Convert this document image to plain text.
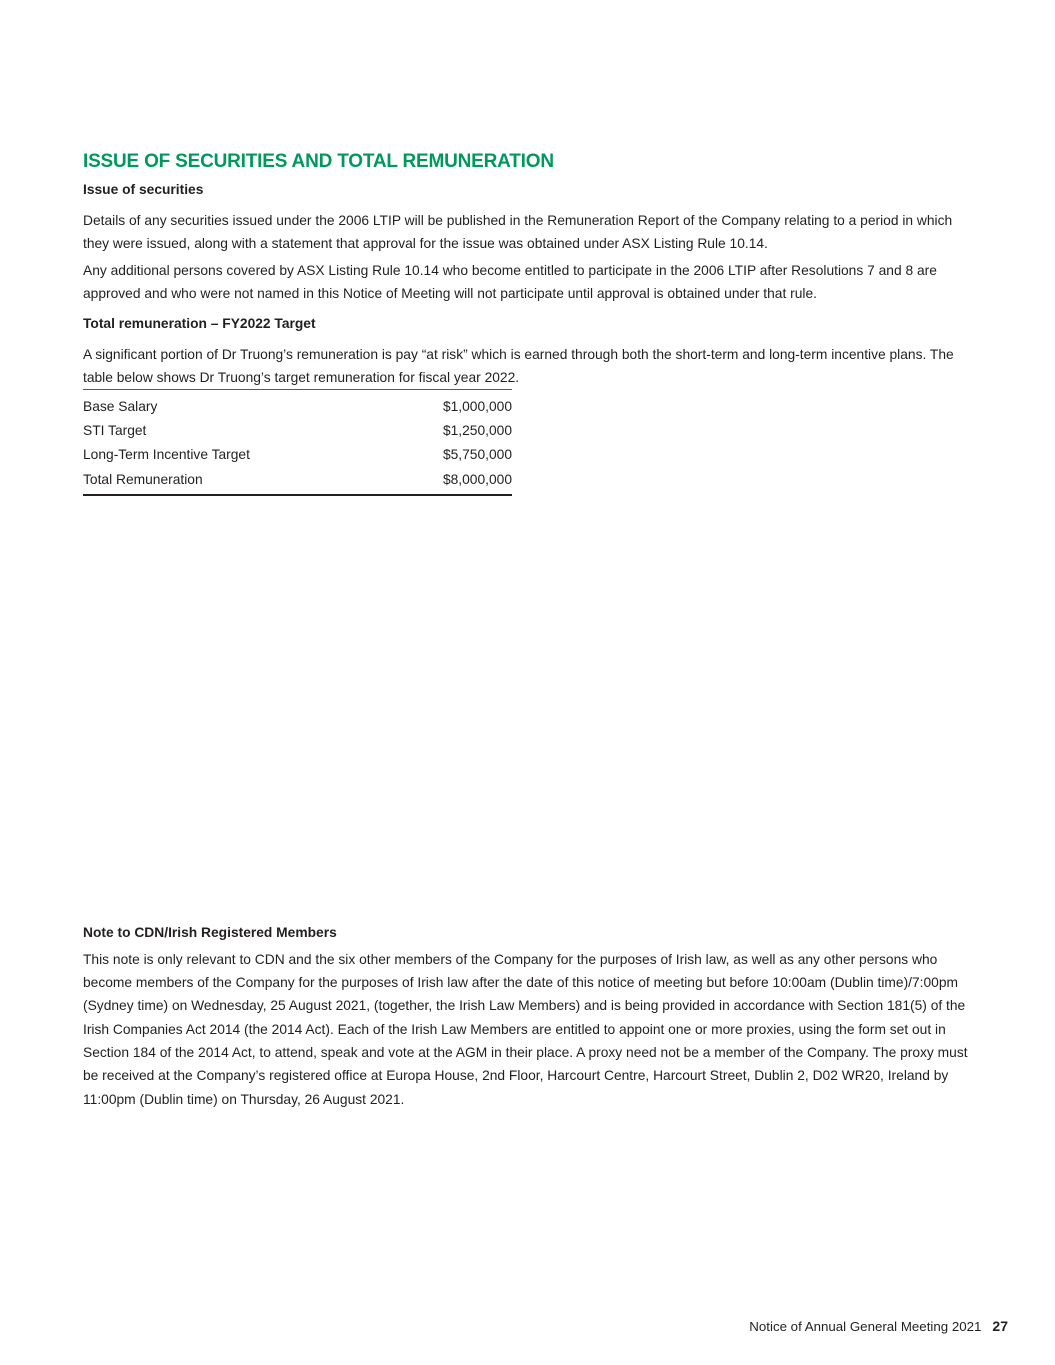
ISSUE OF SECURITIES AND TOTAL REMUNERATION
Issue of securities

Details of any securities issued under the 2006 LTIP will be published in the Remuneration Report of the Company relating to a period in which they were issued, along with a statement that approval for the issue was obtained under ASX Listing Rule 10.14.

Any additional persons covered by ASX Listing Rule 10.14 who become entitled to participate in the 2006 LTIP after Resolutions 7 and 8 are approved and who were not named in this Notice of Meeting will not participate until approval is obtained under that rule.

Total remuneration – FY2022 Target

A significant portion of Dr Truong’s remuneration is pay “at risk” which is earned through both the short-term and long-term incentive plans. The table below shows Dr Truong’s target remuneration for fiscal year 2022.

Base Salary	$1,000,000
STI Target	$1,250,000
Long-Term Incentive Target	$5,750,000
Total Remuneration	$8,000,000
Note to CDN/Irish Registered Members

This note is only relevant to CDN and the six other members of the Company for the purposes of Irish law, as well as any other persons who become members of the Company for the purposes of Irish law after the date of this notice of meeting but before 10:00am (Dublin time)/7:00pm (Sydney time) on Wednesday, 25 August 2021, (together, the Irish Law Members) and is being provided in accordance with Section 181(5) of the Irish Companies Act 2014 (the 2014 Act). Each of the Irish Law Members are entitled to appoint one or more proxies, using the form set out in Section 184 of the 2014 Act, to attend, speak and vote at the AGM in their place. A proxy need not be a member of the Company. The proxy must be received at the Company’s registered office at Europa House, 2nd Floor, Harcourt Centre, Harcourt Street, Dublin 2, D02 WR20, Ireland by 11:00pm (Dublin time) on Thursday, 26 August 2021.

Notice of Annual General Meeting 2021 27
